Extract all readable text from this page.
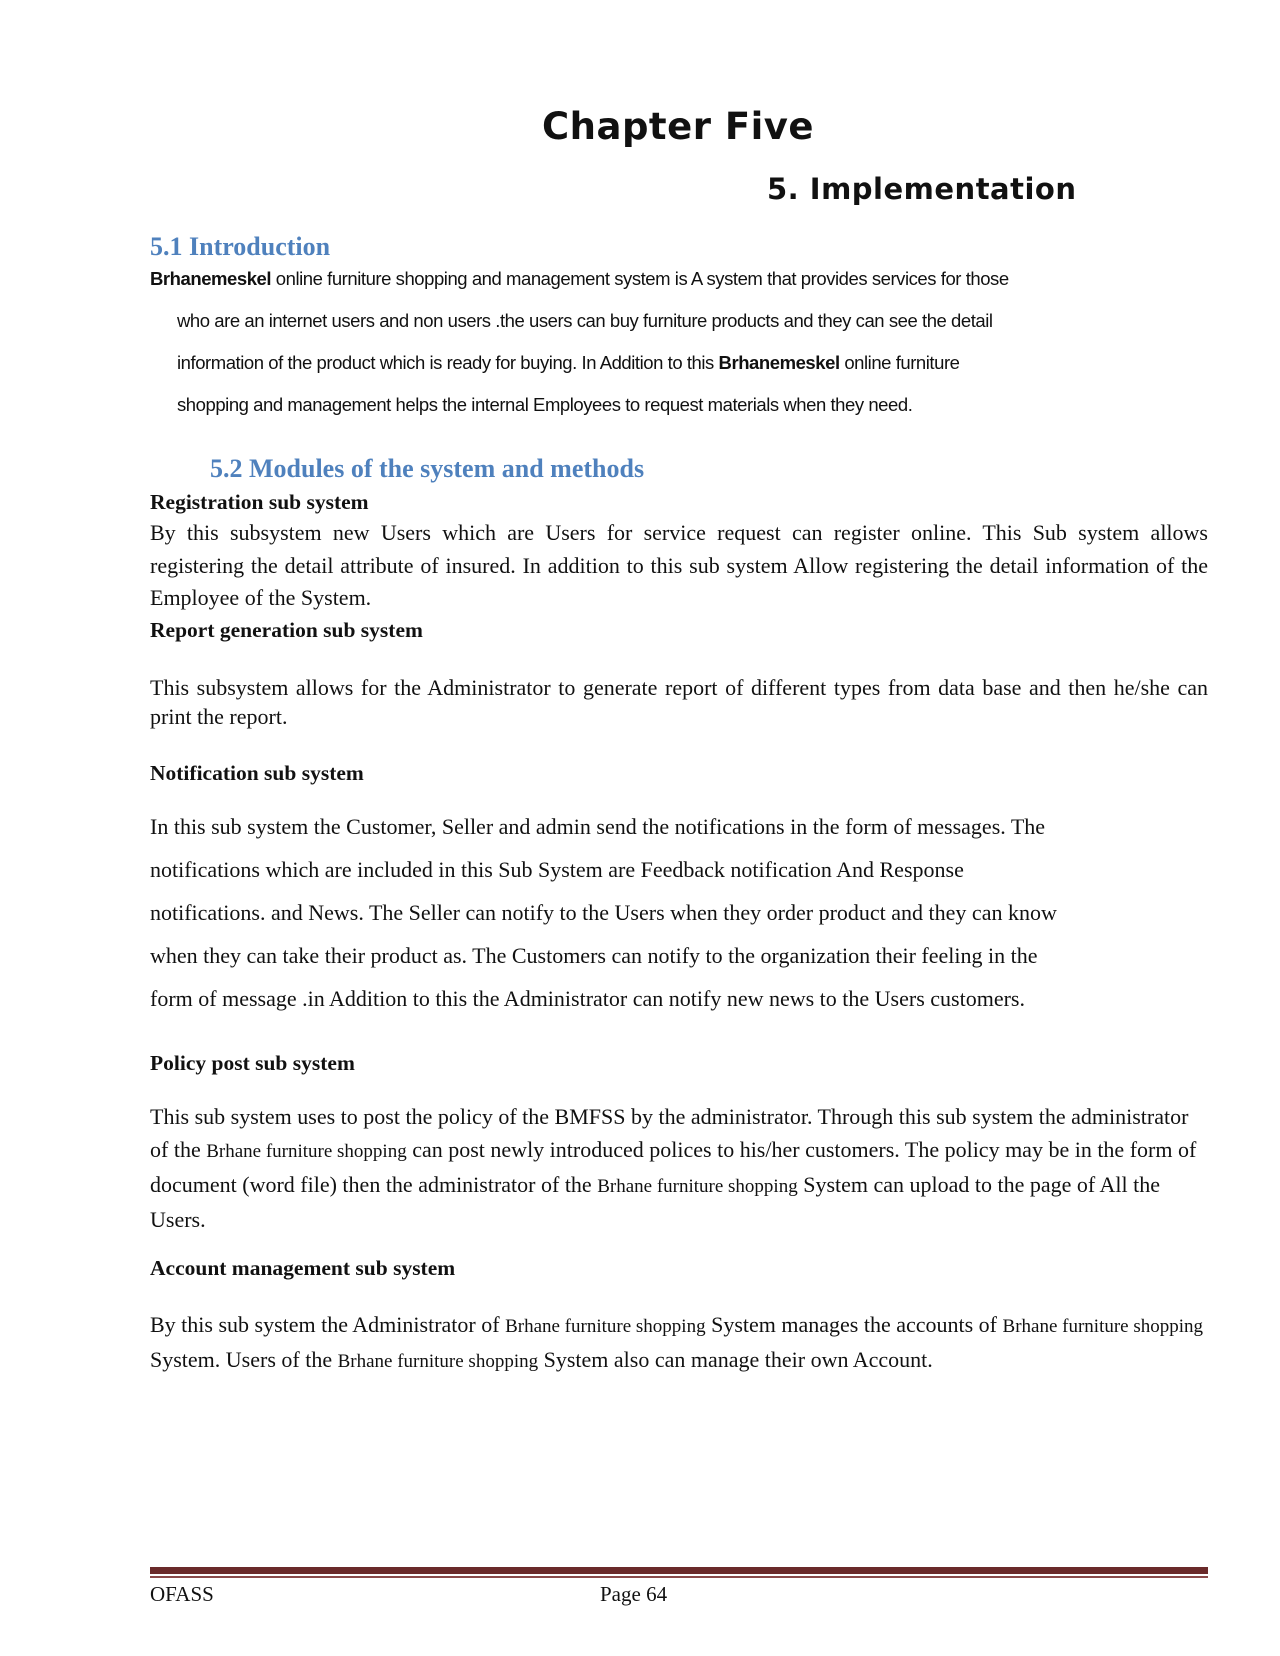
Chapter Five
5. Implementation
5.1 Introduction
Brhanemeskel online furniture shopping and management system is A system that provides services for those
who are an internet users and non users .the users can buy furniture products and they can see the detail
information of the product which is ready for buying. In Addition to this Brhanemeskel online furniture
shopping and management helps the internal Employees to request materials when they need.
5.2 Modules of the system and methods
Registration sub system
By this subsystem new Users which are Users for service request can register online. This Sub system allows registering the detail attribute of insured. In addition to this sub system Allow registering the detail information of the Employee of the System.
Report generation sub system
This subsystem allows for the Administrator to generate report of different types from data base and then he/she can print the report.
Notification sub system
In this sub system the Customer, Seller and admin send the notifications in the form of messages. The
notifications which are included in this Sub System are Feedback notification And Response
notifications. and News. The Seller can notify to the Users when they order product and they can know
when they can take their product as. The Customers can notify to the organization their feeling in the
form of message .in Addition to this the Administrator can notify new news to the Users customers.
Policy post sub system
This sub system uses to post the policy of the BMFSS by the administrator. Through this sub system the administrator of the Brhane furniture shopping can post newly introduced polices to his/her customers. The policy may be in the form of document (word file) then the administrator of the Brhane furniture shopping System can upload to the page of All the Users.
Account management sub system
By this sub system the Administrator of Brhane furniture shopping System manages the accounts of Brhane furniture shopping System. Users of the Brhane furniture shopping System also can manage their own Account.
OFASS	Page 64
